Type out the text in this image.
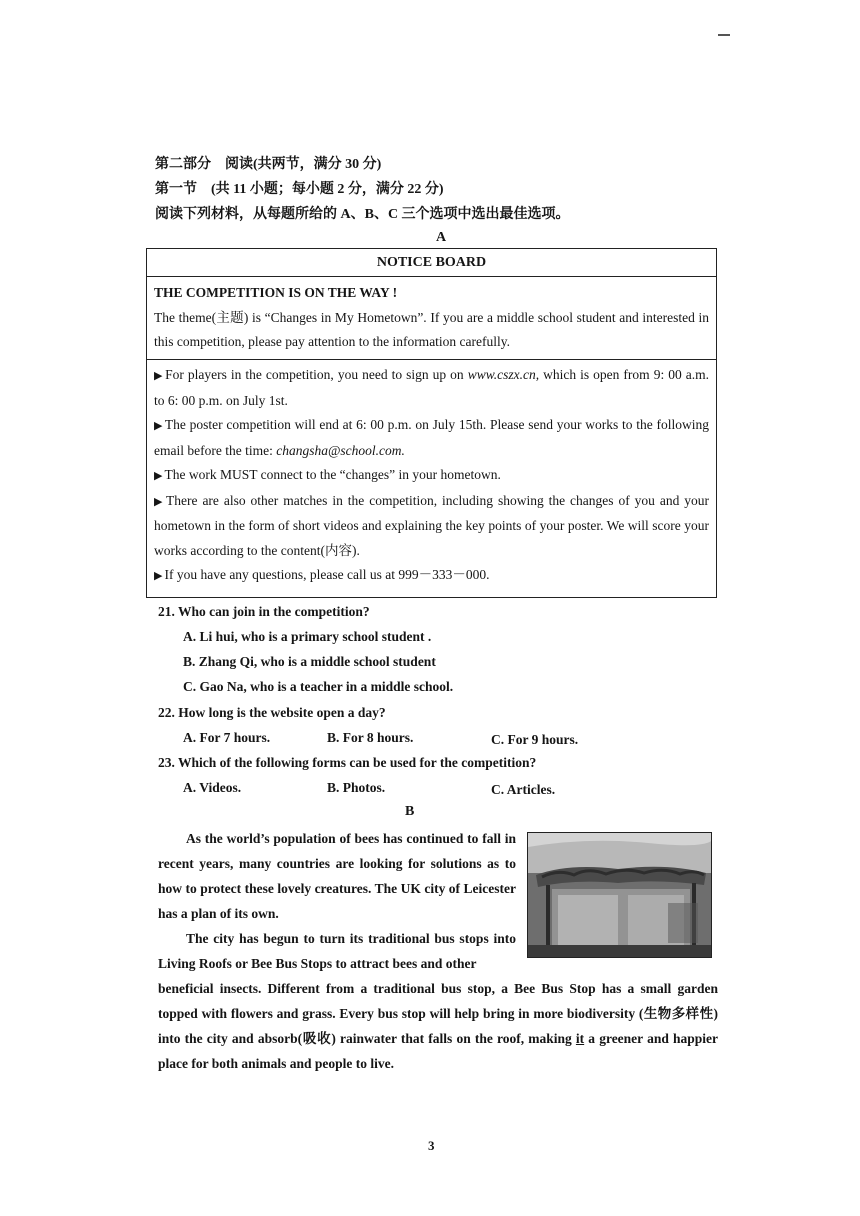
第二部分　阅读(共两节，满分 30 分)
第一节　(共 11 小题；每小题 2 分，满分 22 分)
阅读下列材料，从每题所给的 A、B、C 三个选项中选出最佳选项。
A
NOTICE BOARD
THE COMPETITION IS ON THE WAY !

The theme(主题) is “Changes in My Hometown”. If you are a middle school student and interested in this competition, please pay attention to the information carefully.

▶ For players in the competition, you need to sign up on www.cszx.cn, which is open from 9: 00 a.m. to 6: 00 p.m. on July 1st.

▶ The poster competition will end at 6: 00 p.m. on July 15th. Please send your works to the following email before the time: changsha@school.com.

▶ The work MUST connect to the “changes” in your hometown.

▶ There are also other matches in the competition, including showing the changes of you and your hometown in the form of short videos and explaining the key points of your poster. We will score your works according to the content(内容).

▶ If you have any questions, please call us at 999－333－000.

21. Who can join in the competition?
A. Li hui, who is a primary school student .
B. Zhang Qi, who is a middle school student
C. Gao Na, who is a teacher in a middle school.
22. How long is the website open a day?
A. For 7 hours.	B. For 8 hours.	C. For 9 hours.
23. Which of the following forms can be used for the competition?
A. Videos.	B. Photos.	C. Articles.
B

As the world’s population of bees has continued to fall in recent years, many countries are looking for solutions as to how to protect these lovely creatures. The UK city of Leicester has a plan of its own.

The city has begun to turn its traditional bus stops into Living Roofs or Bee Bus Stops to attract bees and other

beneficial insects. Different from a traditional bus stop, a Bee Bus Stop has a small garden topped with flowers and grass. Every bus stop will help bring in more biodiversity (生物多样性) into the city and absorb(吸收) rainwater that falls on the roof, making it a greener and happier place for both animals and people to live.

3
